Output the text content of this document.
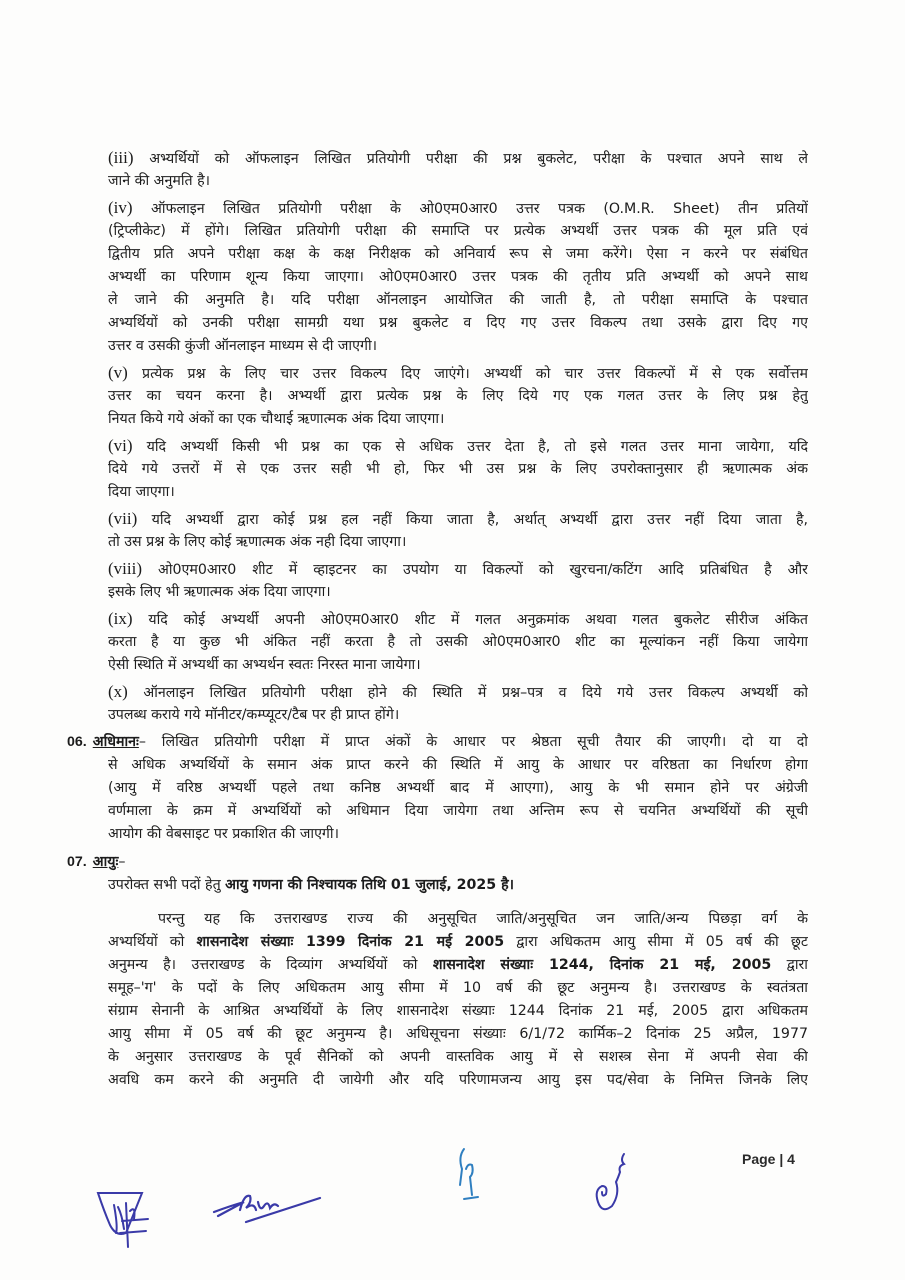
(iii) अभ्यर्थियों को ऑफलाइन लिखित प्रतियोगी परीक्षा की प्रश्न बुकलेट, परीक्षा के पश्चात अपने साथ ले
जाने की अनुमति है।
(iv) ऑफलाइन लिखित प्रतियोगी परीक्षा के ओ0एम0आर0 उत्तर पत्रक (O.M.R. Sheet) तीन प्रतियों
(ट्रिप्लीकेट) में होंगे। लिखित प्रतियोगी परीक्षा की समाप्ति पर प्रत्येक अभ्यर्थी उत्तर पत्रक की मूल प्रति एवं
द्वितीय प्रति अपने परीक्षा कक्ष के कक्ष निरीक्षक को अनिवार्य रूप से जमा करेंगे। ऐसा न करने पर संबंधित
अभ्यर्थी का परिणाम शून्य किया जाएगा। ओ0एम0आर0 उत्तर पत्रक की तृतीय प्रति अभ्यर्थी को अपने साथ
ले जाने की अनुमति है। यदि परीक्षा ऑनलाइन आयोजित की जाती है, तो परीक्षा समाप्ति के पश्चात
अभ्यर्थियों को उनकी परीक्षा सामग्री यथा प्रश्न बुकलेट व दिए गए उत्तर विकल्प तथा उसके द्वारा दिए गए
उत्तर व उसकी कुंजी ऑनलाइन माध्यम से दी जाएगी।
(v) प्रत्येक प्रश्न के लिए चार उत्तर विकल्प दिए जाएंगे। अभ्यर्थी को चार उत्तर विकल्पों में से एक सर्वोत्तम
उत्तर का चयन करना है। अभ्यर्थी द्वारा प्रत्येक प्रश्न के लिए दिये गए एक गलत उत्तर के लिए प्रश्न हेतु
नियत किये गये अंकों का एक चौथाई ऋणात्मक अंक दिया जाएगा।
(vi) यदि अभ्यर्थी किसी भी प्रश्न का एक से अधिक उत्तर देता है, तो इसे गलत उत्तर माना जायेगा, यदि
दिये गये उत्तरों में से एक उत्तर सही भी हो, फिर भी उस प्रश्न के लिए उपरोक्तानुसार ही ऋणात्मक अंक
दिया जाएगा।
(vii) यदि अभ्यर्थी द्वारा कोई प्रश्न हल नहीं किया जाता है, अर्थात् अभ्यर्थी द्वारा उत्तर नहीं दिया जाता है,
तो उस प्रश्न के लिए कोई ऋणात्मक अंक नही दिया जाएगा।
(viii) ओ0एम0आर0 शीट में व्हाइटनर का उपयोग या विकल्पों को खुरचना/कटिंग आदि प्रतिबंधित है और
इसके लिए भी ऋणात्मक अंक दिया जाएगा।
(ix) यदि कोई अभ्यर्थी अपनी ओ0एम0आर0 शीट में गलत अनुक्रमांक अथवा गलत बुकलेट सीरीज अंकित
करता है या कुछ भी अंकित नहीं करता है तो उसकी ओ0एम0आर0 शीट का मूल्यांकन नहीं किया जायेगा
ऐसी स्थिति में अभ्यर्थी का अभ्यर्थन स्वतः निरस्त माना जायेगा।
(x) ऑनलाइन लिखित प्रतियोगी परीक्षा होने की स्थिति में प्रश्न–पत्र व दिये गये उत्तर विकल्प अभ्यर्थी को
उपलब्ध कराये गये मॉनीटर/कम्प्यूटर/टैब पर ही प्राप्त होंगे।
06. अधिमानः– लिखित प्रतियोगी परीक्षा में प्राप्त अंकों के आधार पर श्रेष्ठता सूची तैयार की जाएगी। दो या दो
से अधिक अभ्यर्थियों के समान अंक प्राप्त करने की स्थिति में आयु के आधार पर वरिष्ठता का निर्धारण होगा
(आयु में वरिष्ठ अभ्यर्थी पहले तथा कनिष्ठ अभ्यर्थी बाद में आएगा), आयु के भी समान होने पर अंग्रेजी
वर्णमाला के क्रम में अभ्यर्थियों को अधिमान दिया जायेगा तथा अन्तिम रूप से चयनित अभ्यर्थियों की सूची
आयोग की वेबसाइट पर प्रकाशित की जाएगी।
07. आयुः–
उपरोक्त सभी पदों हेतु आयु गणना की निश्चायक तिथि 01 जुलाई, 2025 है।
परन्तु यह कि उत्तराखण्ड राज्य की अनुसूचित जाति/अनुसूचित जन जाति/अन्य पिछड़ा वर्ग के
अभ्यर्थियों को शासनादेश संख्याः 1399 दिनांक 21 मई 2005 द्वारा अधिकतम आयु सीमा में 05 वर्ष की छूट
अनुमन्य है। उत्तराखण्ड के दिव्यांग अभ्यर्थियों को शासनादेश संख्याः 1244, दिनांक 21 मई, 2005 द्वारा
समूह–'ग' के पदों के लिए अधिकतम आयु सीमा में 10 वर्ष की छूट अनुमन्य है। उत्तराखण्ड के स्वतंत्रता
संग्राम सेनानी के आश्रित अभ्यर्थियों के लिए शासनादेश संख्याः 1244 दिनांक 21 मई, 2005 द्वारा अधिकतम
आयु सीमा में 05 वर्ष की छूट अनुमन्य है। अधिसूचना संख्याः 6/1/72 कार्मिक–2 दिनांक 25 अप्रैल, 1977
के अनुसार उत्तराखण्ड के पूर्व सैनिकों को अपनी वास्तविक आयु में से सशस्त्र सेना में अपनी सेवा की
अवधि कम करने की अनुमति दी जायेगी और यदि परिणामजन्य आयु इस पद/सेवा के निमित्त जिनके लिए
Page | 4
